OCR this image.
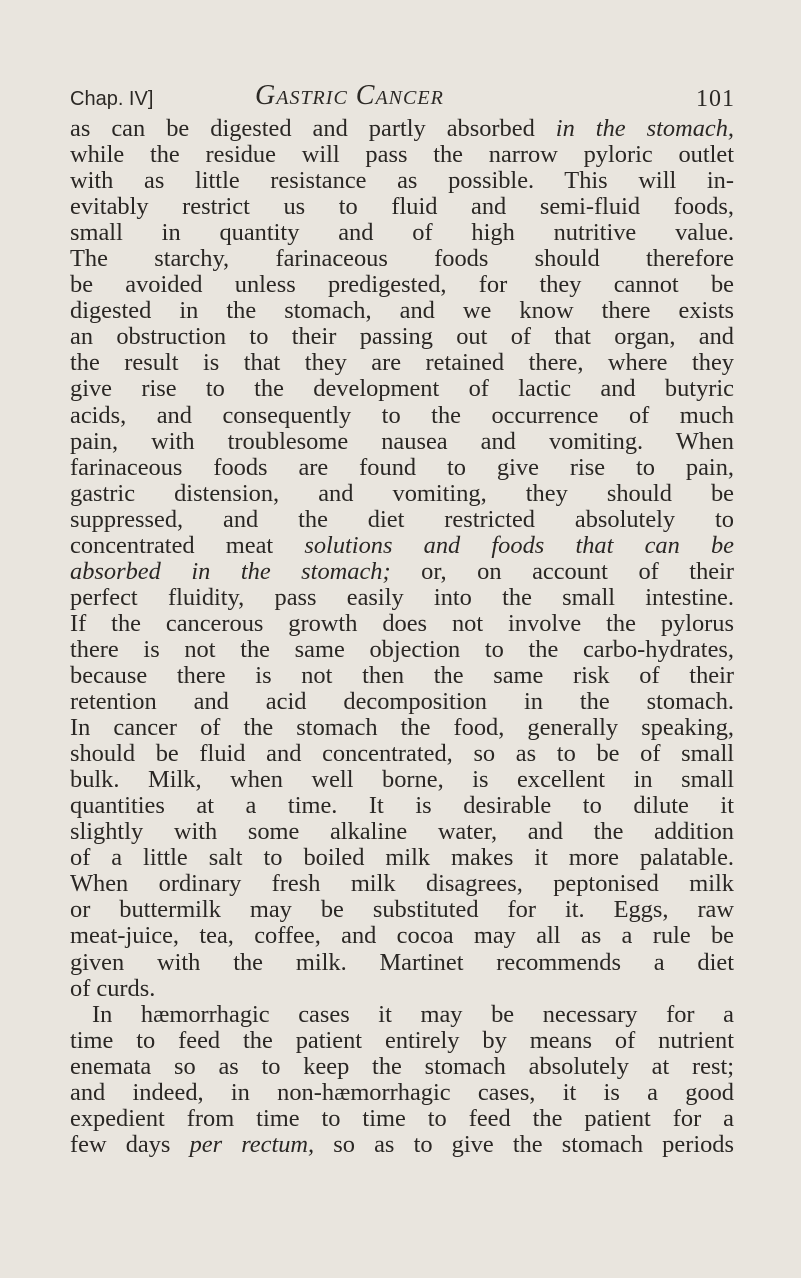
Chap. IV]	Gastric Cancer	101
as can be digested and partly absorbed in the stomach,
while the residue will pass the narrow pyloric outlet
with as little resistance as possible. This will in-
evitably restrict us to fluid and semi-fluid foods,
small in quantity and of high nutritive value.
The starchy, farinaceous foods should therefore
be avoided unless predigested, for they cannot be
digested in the stomach, and we know there exists
an obstruction to their passing out of that organ, and
the result is that they are retained there, where they
give rise to the development of lactic and butyric
acids, and consequently to the occurrence of much
pain, with troublesome nausea and vomiting. When
farinaceous foods are found to give rise to pain,
gastric distension, and vomiting, they should be
suppressed, and the diet restricted absolutely to
concentrated meat solutions and foods that can be
absorbed in the stomach; or, on account of their
perfect fluidity, pass easily into the small intestine.
If the cancerous growth does not involve the pylorus
there is not the same objection to the carbo-hydrates,
because there is not then the same risk of their
retention and acid decomposition in the stomach.
In cancer of the stomach the food, generally speaking,
should be fluid and concentrated, so as to be of small
bulk. Milk, when well borne, is excellent in small
quantities at a time. It is desirable to dilute it
slightly with some alkaline water, and the addition
of a little salt to boiled milk makes it more palatable.
When ordinary fresh milk disagrees, peptonised milk
or buttermilk may be substituted for it. Eggs, raw
meat-juice, tea, coffee, and cocoa may all as a rule be
given with the milk. Martinet recommends a diet
of curds.
In hæmorrhagic cases it may be necessary for a
time to feed the patient entirely by means of nutrient
enemata so as to keep the stomach absolutely at rest;
and indeed, in non-hæmorrhagic cases, it is a good
expedient from time to time to feed the patient for a
few days per rectum, so as to give the stomach periods
